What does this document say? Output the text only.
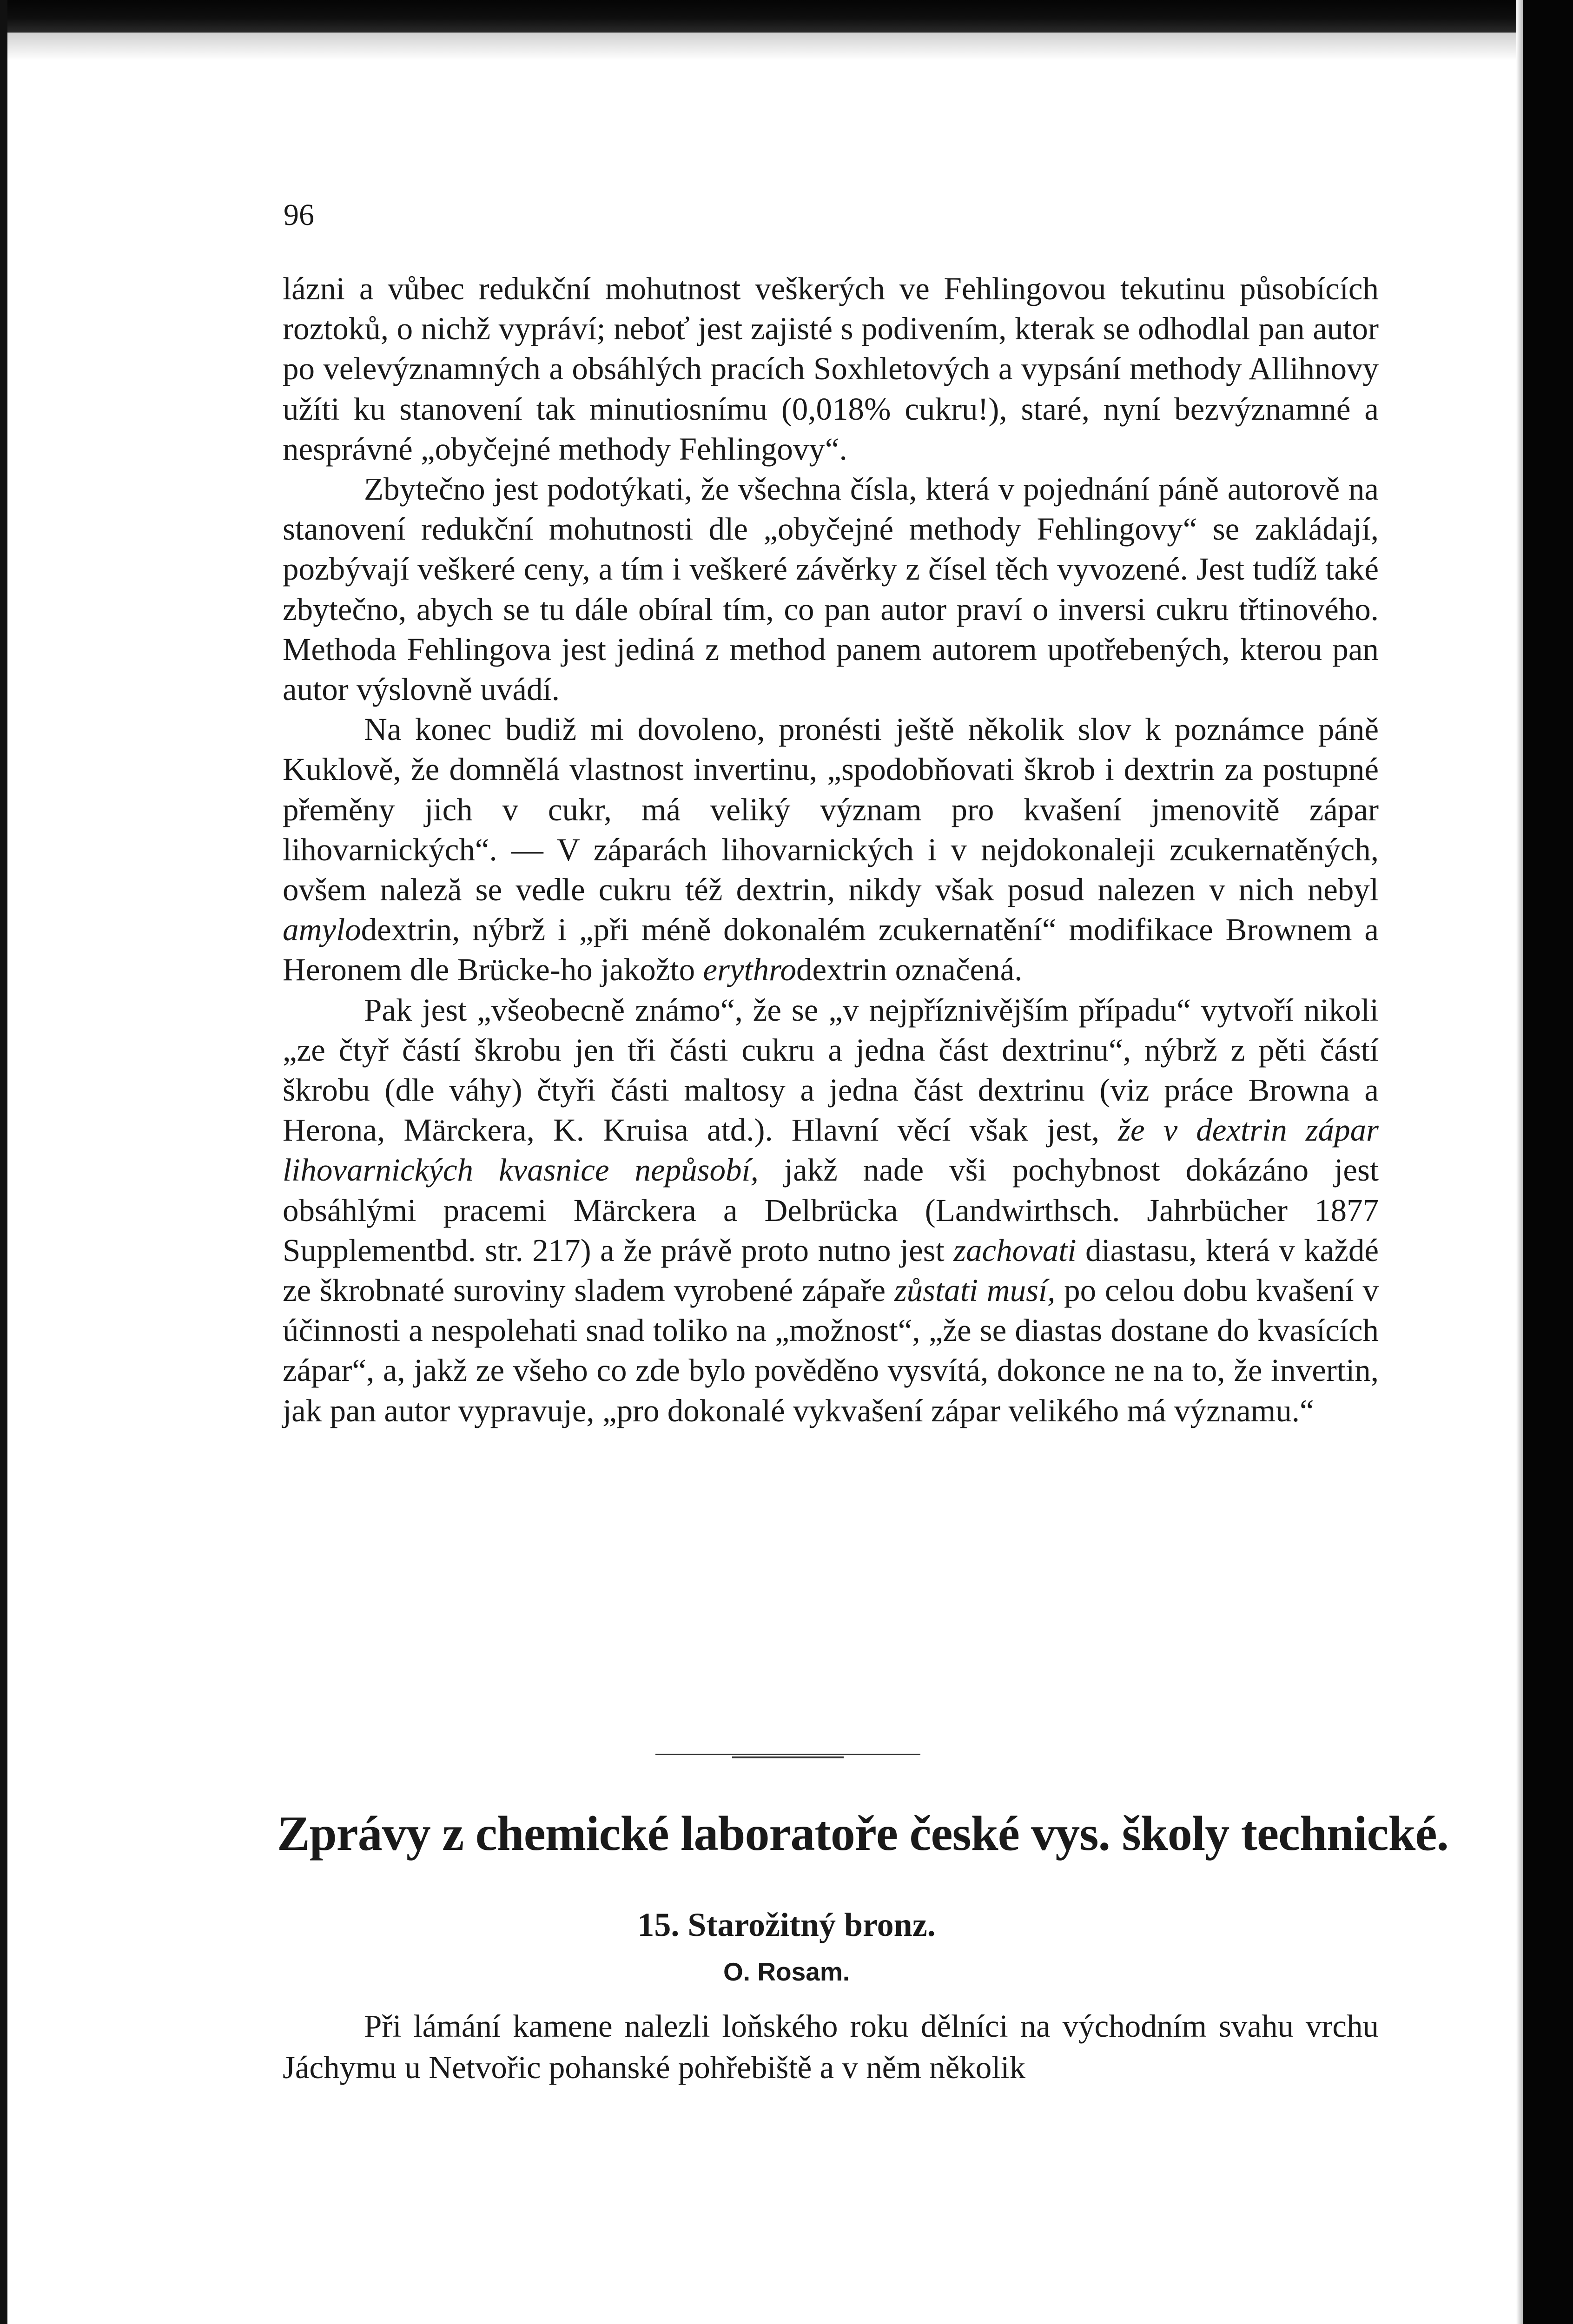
96

lázni a vůbec redukční mohutnost veškerých ve Fehlingovou tekutinu působících roztoků, o nichž vypráví; neboť jest zajisté s podivením, kterak se odhodlal pan autor po velevýznamných a obsáhlých pracích Soxhletových a vypsání methody Allihnovy užíti ku stanovení tak minutiosnímu (0,018% cukru!), staré, nyní bezvýznamné a nesprávné „obyčejné methody Fehlingovy“.

Zbytečno jest podotýkati, že všechna čísla, která v pojednání páně autorově na stanovení redukční mohutnosti dle „obyčejné methody Fehlingovy“ se zakládají, pozbývají veškeré ceny, a tím i veškeré závěrky z čísel těch vyvozené. Jest tudíž také zbytečno, abych se tu dále obíral tím, co pan autor praví o inversi cukru třtinového. Methoda Fehlingova jest jediná z method panem autorem upotřebených, kterou pan autor výslovně uvádí.

Na konec budiž mi dovoleno, pronésti ještě několik slov k poznámce páně Kuklově, že domnělá vlastnost invertinu, „spodobňovati škrob i dextrin za postupné přeměny jich v cukr, má veliký význam pro kvašení jmenovitě zápar lihovarnických“. — V záparách lihovarnických i v nejdokonaleji zcukernatěných, ovšem naleză se vedle cukru též dextrin, nikdy však posud nalezen v nich nebyl amylodextrin, nýbrž i „při méně dokonalém zcukernatění“ modifikace Brownem a Heronem dle Brücke-ho jakožto erythrodextrin označená.

Pak jest „všeobecně známo“, že se „v nejpříznivějším případu“ vytvoří nikoli „ze čtyř částí škrobu jen tři části cukru a jedna část dextrinu“, nýbrž z pěti částí škrobu (dle váhy) čtyři části maltosy a jedna část dextrinu (viz práce Browna a Herona, Märckera, K. Kruisa atd.). Hlavní věcí však jest, že v dextrin zápar lihovarnických kvasnice nepůsobí, jakž nade vši pochybnost dokázáno jest obsáhlými pracemi Märckera a Delbrücka (Landwirthsch. Jahrbücher 1877 Supplementbd. str. 217) a že právě proto nutno jest zachovati diastasu, která v každé ze škrobnaté suroviny sladem vyrobené zápaře zůstati musí, po celou dobu kvašení v účinnosti a nespolehati snad toliko na „možnost“, „že se diastas dostane do kvasících zápar“, a, jakž ze všeho co zde bylo pověděno vysvítá, dokonce ne na to, že invertin, jak pan autor vypravuje, „pro dokonalé vykvašení zápar velikého má významu.“

Zprávy z chemické laboratoře české vys. školy technické.
15. Starožitný bronz.

O. Rosam.

Při lámání kamene nalezli loňského roku dělníci na východním svahu vrchu Jáchymu u Netvořic pohanské pohřebiště a v něm několik
